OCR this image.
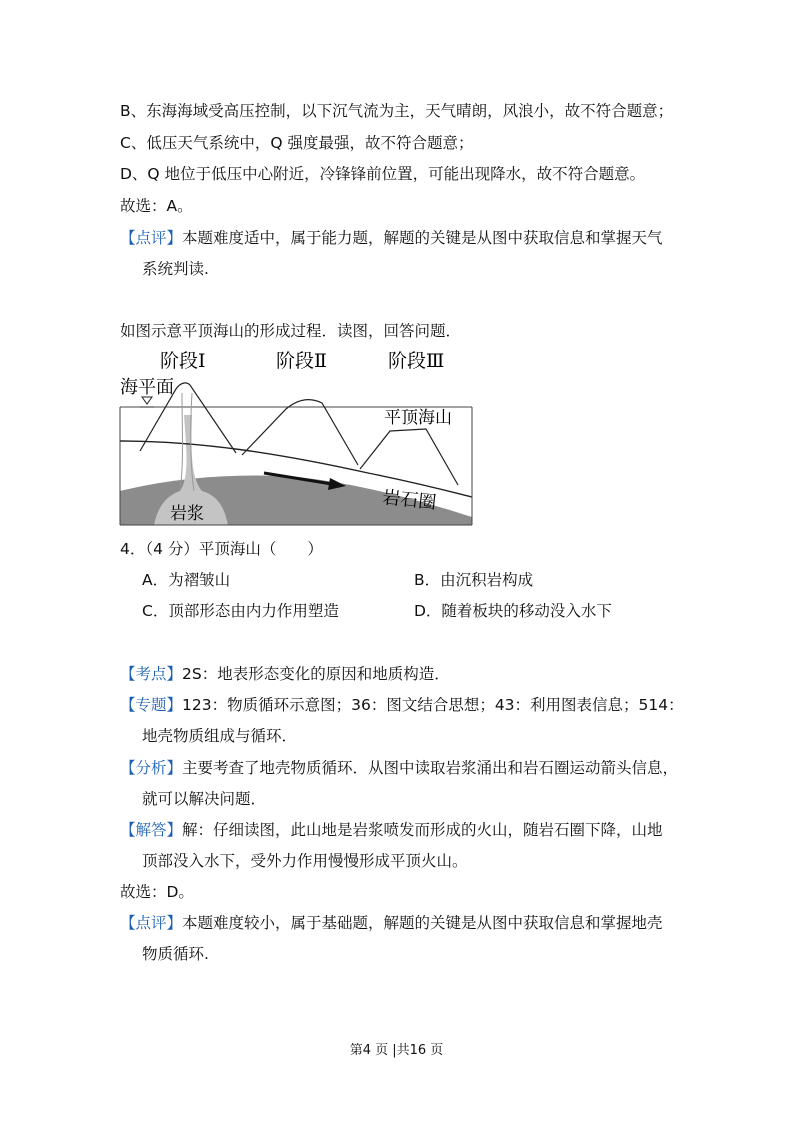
B、东海海域受高压控制，以下沉气流为主，天气晴朗，风浪小，故不符合题意；
C、低压天气系统中，Q 强度最强，故不符合题意；
D、Q 地位于低压中心附近，冷锋锋前位置，可能出现降水，故不符合题意。
故选：A。
【点评】本题难度适中，属于能力题，解题的关键是从图中获取信息和掌握天气
系统判读.
如图示意平顶海山的形成过程．读图，回答问题．
阶段Ⅰ	阶段Ⅱ	阶段Ⅲ
海平面
平顶海山
岩石圈
岩浆
4．（4 分）平顶海山（　　）
A．为褶皱山	B．由沉积岩构成
C．顶部形态由内力作用塑造	D．随着板块的移动没入水下
【考点】2S：地表形态变化的原因和地质构造．
【专题】123：物质循环示意图；36：图文结合思想；43：利用图表信息；514：
地壳物质组成与循环．
【分析】主要考查了地壳物质循环．从图中读取岩浆涌出和岩石圈运动箭头信息，
就可以解决问题．
【解答】解：仔细读图，此山地是岩浆喷发而形成的火山，随岩石圈下降，山地
顶部没入水下，受外力作用慢慢形成平顶火山。
故选：D。
【点评】本题难度较小，属于基础题，解题的关键是从图中获取信息和掌握地壳
物质循环.
第4 页 |共16 页
